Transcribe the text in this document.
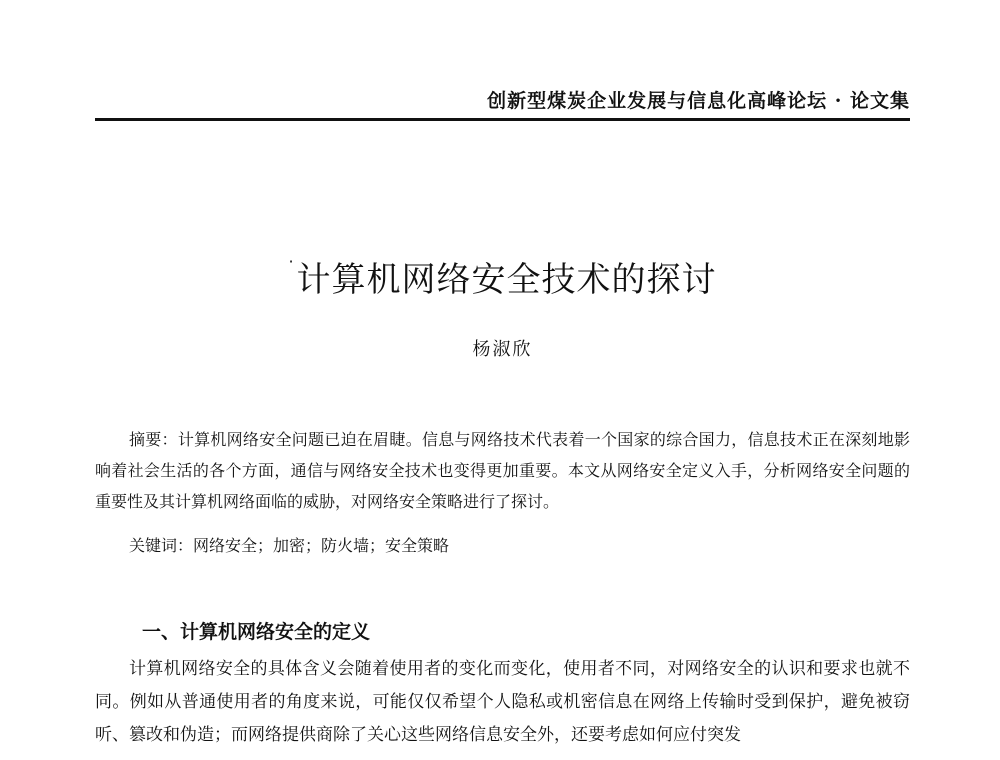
创新型煤炭企业发展与信息化高峰论坛 · 论文集
·计算机网络安全技术的探讨
杨淑欣
摘要：计算机网络安全问题已迫在眉睫。信息与网络技术代表着一个国家的综合国力，信息技术正在深刻地影响着社会生活的各个方面，通信与网络安全技术也变得更加重要。本文从网络安全定义入手，分析网络安全问题的重要性及其计算机网络面临的威胁，对网络安全策略进行了探讨。
关键词：网络安全；加密；防火墙；安全策略
一、计算机网络安全的定义
计算机网络安全的具体含义会随着使用者的变化而变化，使用者不同，对网络安全的认识和要求也就不同。例如从普通使用者的角度来说，可能仅仅希望个人隐私或机密信息在网络上传输时受到保护，避免被窃听、篡改和伪造；而网络提供商除了关心这些网络信息安全外，还要考虑如何应付突发
